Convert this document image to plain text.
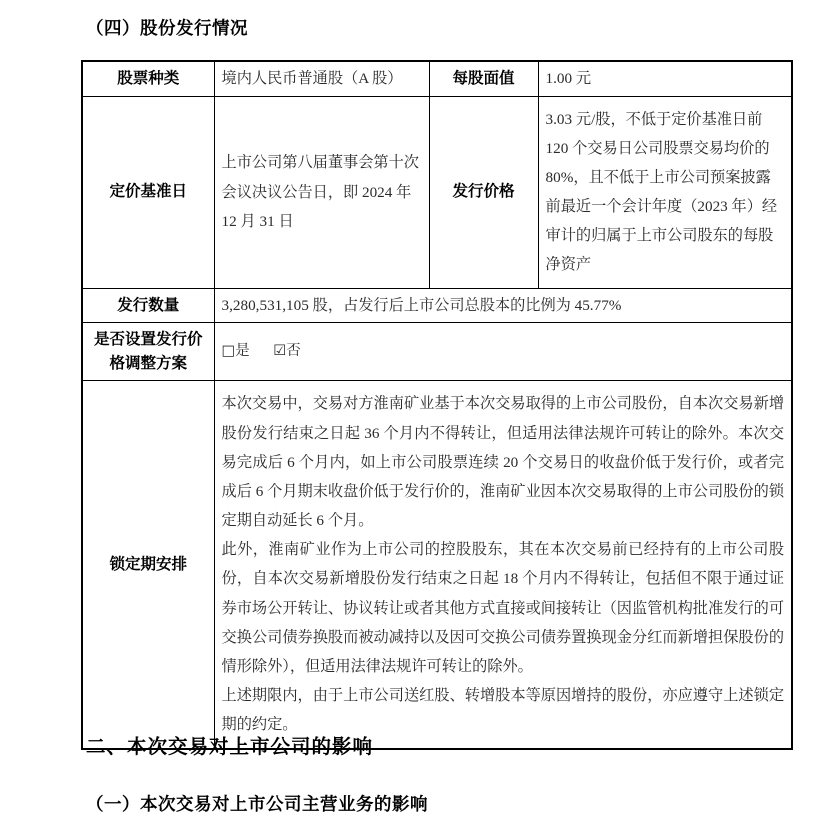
（四）股份发行情况
股票种类	境内人民币普通股（A 股）	每股面值	1.00 元
定价基准日	上市公司第八届董事会第十次会议决议公告日，即 2024 年 12 月 31 日	发行价格	3.03 元/股，不低于定价基准日前 120 个交易日公司股票交易均价的 80%，且不低于上市公司预案披露前最近一个会计年度（2023 年）经审计的归属于上市公司股东的每股净资产

发行数量	3,280,531,105 股，占发行后上市公司总股本的比例为 45.77%		
是否设置发行价格调整方案	□是 ☑否		

锁定期安排	本次交易中，交易对方淮南矿业基于本次交易取得的上市公司股份，自本次交易新增股份发行结束之日起 36 个月内不得转让，但适用法律法规许可转让的除外。本次交易完成后 6 个月内，如上市公司股票连续 20 个交易日的收盘价低于发行价，或者完成后 6 个月期末收盘价低于发行价的，淮南矿业因本次交易取得的上市公司股份的锁定期自动延长 6 个月。

此外，淮南矿业作为上市公司的控股股东，其在本次交易前已经持有的上市公司股份，自本次交易新增股份发行结束之日起 18 个月内不得转让，包括但不限于通过证券市场公开转让、协议转让或者其他方式直接或间接转让（因监管机构批准发行的可交换公司债券换股而被动减持以及因可交换公司债券置换现金分红而新增担保股份的情形除外），但适用法律法规许可转让的除外。

上述期限内，由于上市公司送红股、转增股本等原因增持的股份，亦应遵守上述锁定期的约定。		

二、本次交易对上市公司的影响
（一）本次交易对上市公司主营业务的影响
